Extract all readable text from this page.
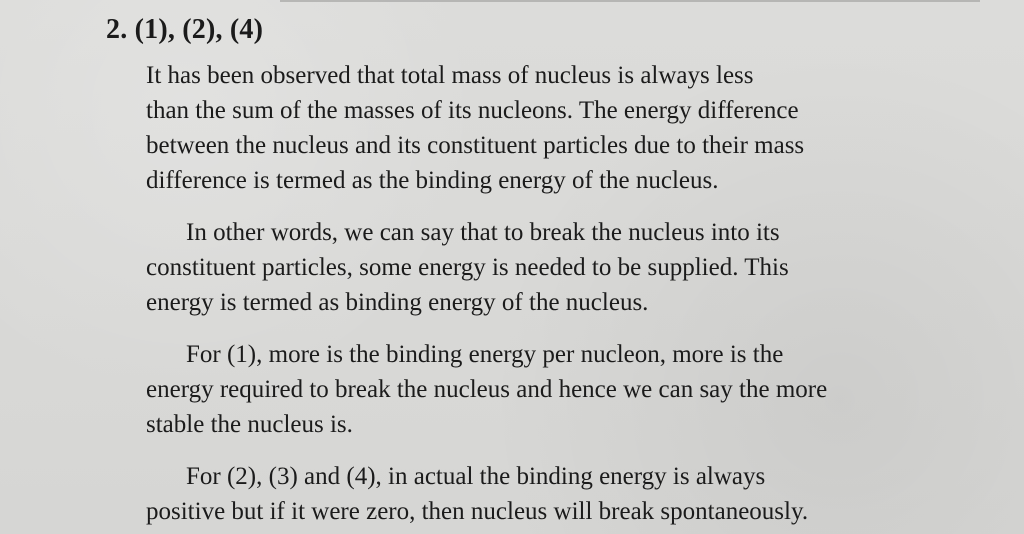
2. (1), (2), (4)

It has been observed that total mass of nucleus is always less
than the sum of the masses of its nucleons. The energy difference
between the nucleus and its constituent particles due to their mass
difference is termed as the binding energy of the nucleus.

In other words, we can say that to break the nucleus into its
constituent particles, some energy is needed to be supplied. This
energy is termed as binding energy of the nucleus.

For (1), more is the binding energy per nucleon, more is the
energy required to break the nucleus and hence we can say the more
stable the nucleus is.

For (2), (3) and (4), in actual the binding energy is always
positive but if it were zero, then nucleus will break spontaneously.
